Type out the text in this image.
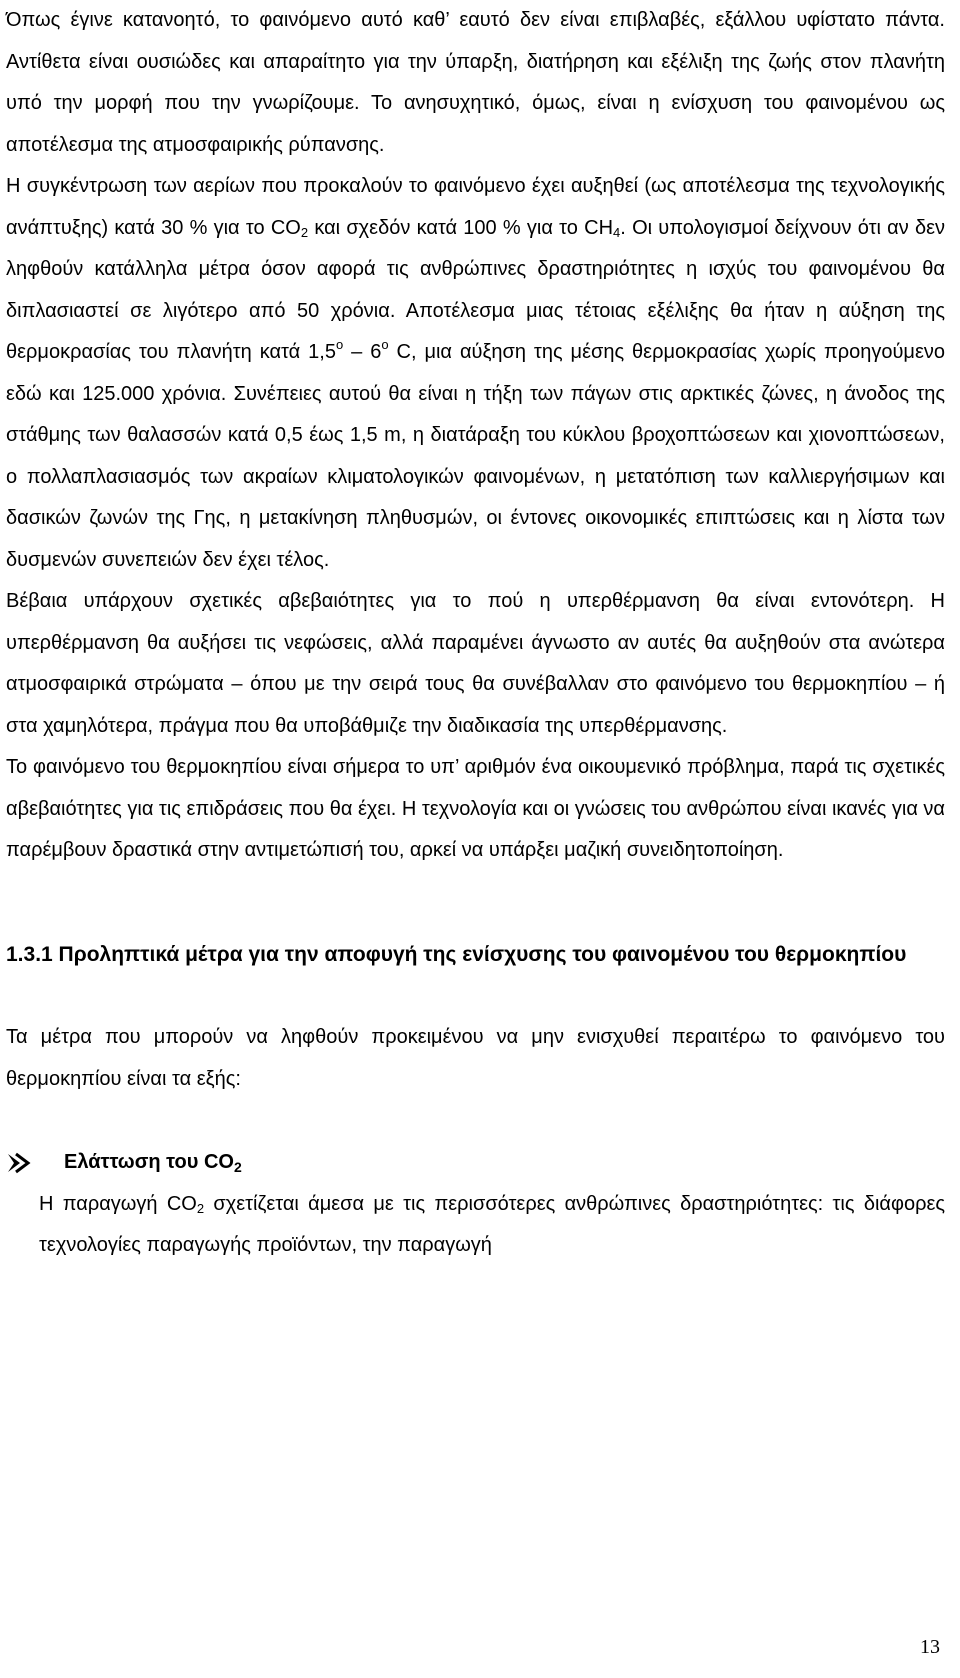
Όπως έγινε κατανοητό, το φαινόμενο αυτό καθ’ εαυτό δεν είναι επιβλαβές, εξάλλου υφίστατο πάντα. Αντίθετα είναι ουσιώδες και απαραίτητο για την ύπαρξη, διατήρηση και εξέλιξη της ζωής στον πλανήτη υπό την μορφή που την γνωρίζουμε. Το ανησυχητικό, όμως, είναι η ενίσχυση του φαινομένου ως αποτέλεσμα της ατμοσφαιρικής ρύπανσης.

Η συγκέντρωση των αερίων που προκαλούν το φαινόμενο έχει αυξηθεί (ως αποτέλεσμα της τεχνολογικής ανάπτυξης) κατά 30 % για το $CO_2$ και σχεδόν κατά 100 % για το $CH_4$. Οι υπολογισμοί δείχνουν ότι αν δεν ληφθούν κατάλληλα μέτρα όσον αφορά τις ανθρώπινες δραστηριότητες η ισχύς του φαινομένου θα διπλασιαστεί σε λιγότερο από 50 χρόνια. Αποτέλεσμα μιας τέτοιας εξέλιξης θα ήταν η αύξηση της θερμοκρασίας του πλανήτη κατά $1,5^o - 6^o$ C, μια αύξηση της μέσης θερμοκρασίας χωρίς προηγούμενο εδώ και 125.000 χρόνια. Συνέπειες αυτού θα είναι η τήξη των πάγων στις αρκτικές ζώνες, η άνοδος της στάθμης των θαλασσών κατά 0,5 έως 1,5 m, η διατάραξη του κύκλου βροχοπτώσεων και χιονοπτώσεων, ο πολλαπλασιασμός των ακραίων κλιματολογικών φαινομένων, η μετατόπιση των καλλιεργήσιμων και δασικών ζωνών της Γης, η μετακίνηση πληθυσμών, οι έντονες οικονομικές επιπτώσεις και η λίστα των δυσμενών συνεπειών δεν έχει τέλος.

Βέβαια υπάρχουν σχετικές αβεβαιότητες για το πού η υπερθέρμανση θα είναι εντονότερη. Η υπερθέρμανση θα αυξήσει τις νεφώσεις, αλλά παραμένει άγνωστο αν αυτές θα αυξηθούν στα ανώτερα ατμοσφαιρικά στρώματα – όπου με την σειρά τους θα συνέβαλλαν στο φαινόμενο του θερμοκηπίου – ή στα χαμηλότερα, πράγμα που θα υποβάθμιζε την διαδικασία της υπερθέρμανσης.

Το φαινόμενο του θερμοκηπίου είναι σήμερα το υπ’ αριθμόν ένα οικουμενικό πρόβλημα, παρά τις σχετικές αβεβαιότητες για τις επιδράσεις που θα έχει. Η τεχνολογία και οι γνώσεις του ανθρώπου είναι ικανές για να παρέμβουν δραστικά στην αντιμετώπισή του, αρκεί να υπάρξει μαζική συνειδητοποίηση.

1.3.1 Προληπτικά μέτρα για την αποφυγή της ενίσχυσης του φαινομένου του θερμοκηπίου

Τα μέτρα που μπορούν να ληφθούν προκειμένου να μην ενισχυθεί περαιτέρω το φαινόμενο του θερμοκηπίου είναι τα εξής:

Ελάττωση του $CO_2$

Η παραγωγή $CO_2$ σχετίζεται άμεσα με τις περισσότερες ανθρώπινες δραστηριότητες: τις διάφορες τεχνολογίες παραγωγής προϊόντων, την παραγωγή

13
